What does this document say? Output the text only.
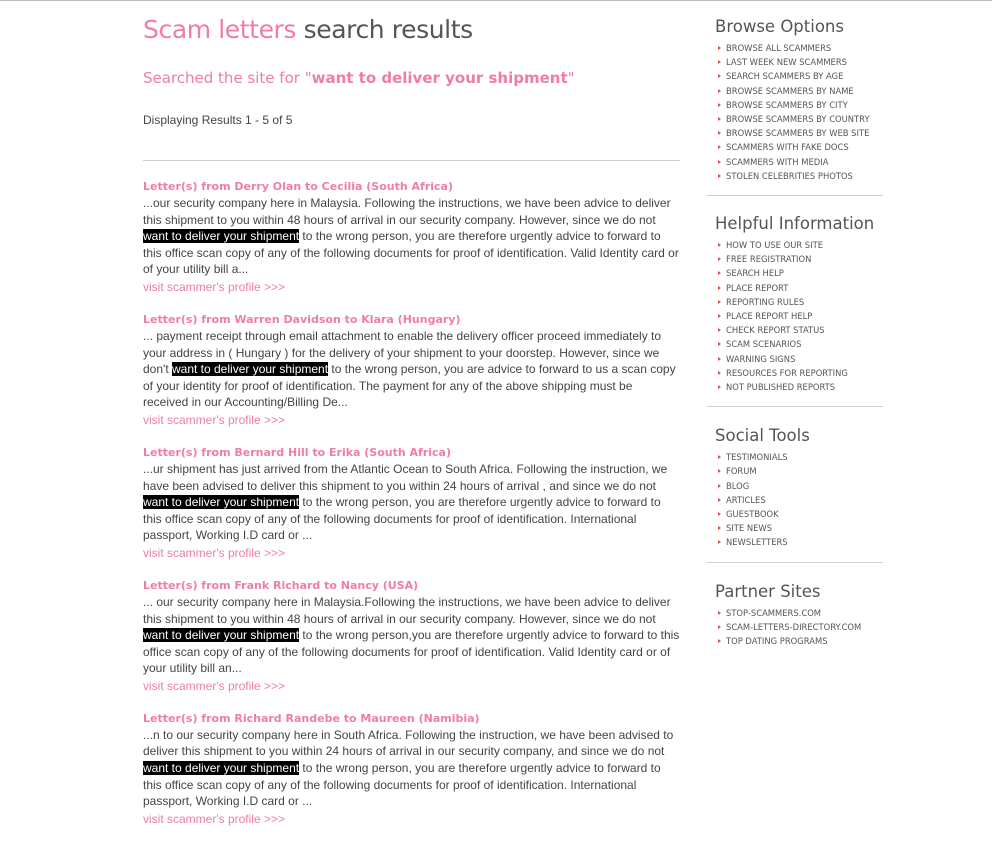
Scam letters search results
Searched the site for "want to deliver your shipment"
Displaying Results 1 - 5 of 5
Letter(s) from Derry Olan to Cecilia (South Africa)
...our security company here in Malaysia. Following the instructions, we have been advice to deliver this shipment to you within 48 hours of arrival in our security company. However, since we do not want to deliver your shipment to the wrong person, you are therefore urgently advice to forward to this office scan copy of any of the following documents for proof of identification. Valid Identity card or of your utility bill a...
visit scammer's profile >>>
Letter(s) from Warren Davidson to Klara (Hungary)
... payment receipt through email attachment to enable the delivery officer proceed immediately to your address in ( Hungary ) for the delivery of your shipment to your doorstep. However, since we don't want to deliver your shipment to the wrong person, you are advice to forward to us a scan copy of your identity for proof of identification. The payment for any of the above shipping must be received in our Accounting/Billing De...
visit scammer's profile >>>
Letter(s) from Bernard Hill to Erika (South Africa)
...ur shipment has just arrived from the Atlantic Ocean to South Africa. Following the instruction, we have been advised to deliver this shipment to you within 24 hours of arrival , and since we do not want to deliver your shipment to the wrong person, you are therefore urgently advice to forward to this office scan copy of any of the following documents for proof of identification. International passport, Working I.D card or ...
visit scammer's profile >>>
Letter(s) from Frank Richard to Nancy (USA)
... our security company here in Malaysia.Following the instructions, we have been advice to deliver this shipment to you within 48 hours of arrival in our security company. However, since we do not want to deliver your shipment to the wrong person,you are therefore urgently advice to forward to this office scan copy of any of the following documents for proof of identification. Valid Identity card or of your utility bill an...
visit scammer's profile >>>
Letter(s) from Richard Randebe to Maureen (Namibia)
...n to our security company here in South Africa. Following the instruction, we have been advised to deliver this shipment to you within 24 hours of arrival in our security company, and since we do not want to deliver your shipment to the wrong person, you are therefore urgently advice to forward to this office scan copy of any of the following documents for proof of identification. International passport, Working I.D card or ...
visit scammer's profile >>>
Browse Options
BROWSE ALL SCAMMERS
LAST WEEK NEW SCAMMERS
SEARCH SCAMMERS BY AGE
BROWSE SCAMMERS BY NAME
BROWSE SCAMMERS BY CITY
BROWSE SCAMMERS BY COUNTRY
BROWSE SCAMMERS BY WEB SITE
SCAMMERS WITH FAKE DOCS
SCAMMERS WITH MEDIA
STOLEN CELEBRITIES PHOTOS
Helpful Information
HOW TO USE OUR SITE
FREE REGISTRATION
SEARCH HELP
PLACE REPORT
REPORTING RULES
PLACE REPORT HELP
CHECK REPORT STATUS
SCAM SCENARIOS
WARNING SIGNS
RESOURCES FOR REPORTING
NOT PUBLISHED REPORTS
Social Tools
TESTIMONIALS
FORUM
BLOG
ARTICLES
GUESTBOOK
SITE NEWS
NEWSLETTERS
Partner Sites
STOP-SCAMMERS.COM
SCAM-LETTERS-DIRECTORY.COM
TOP DATING PROGRAMS
